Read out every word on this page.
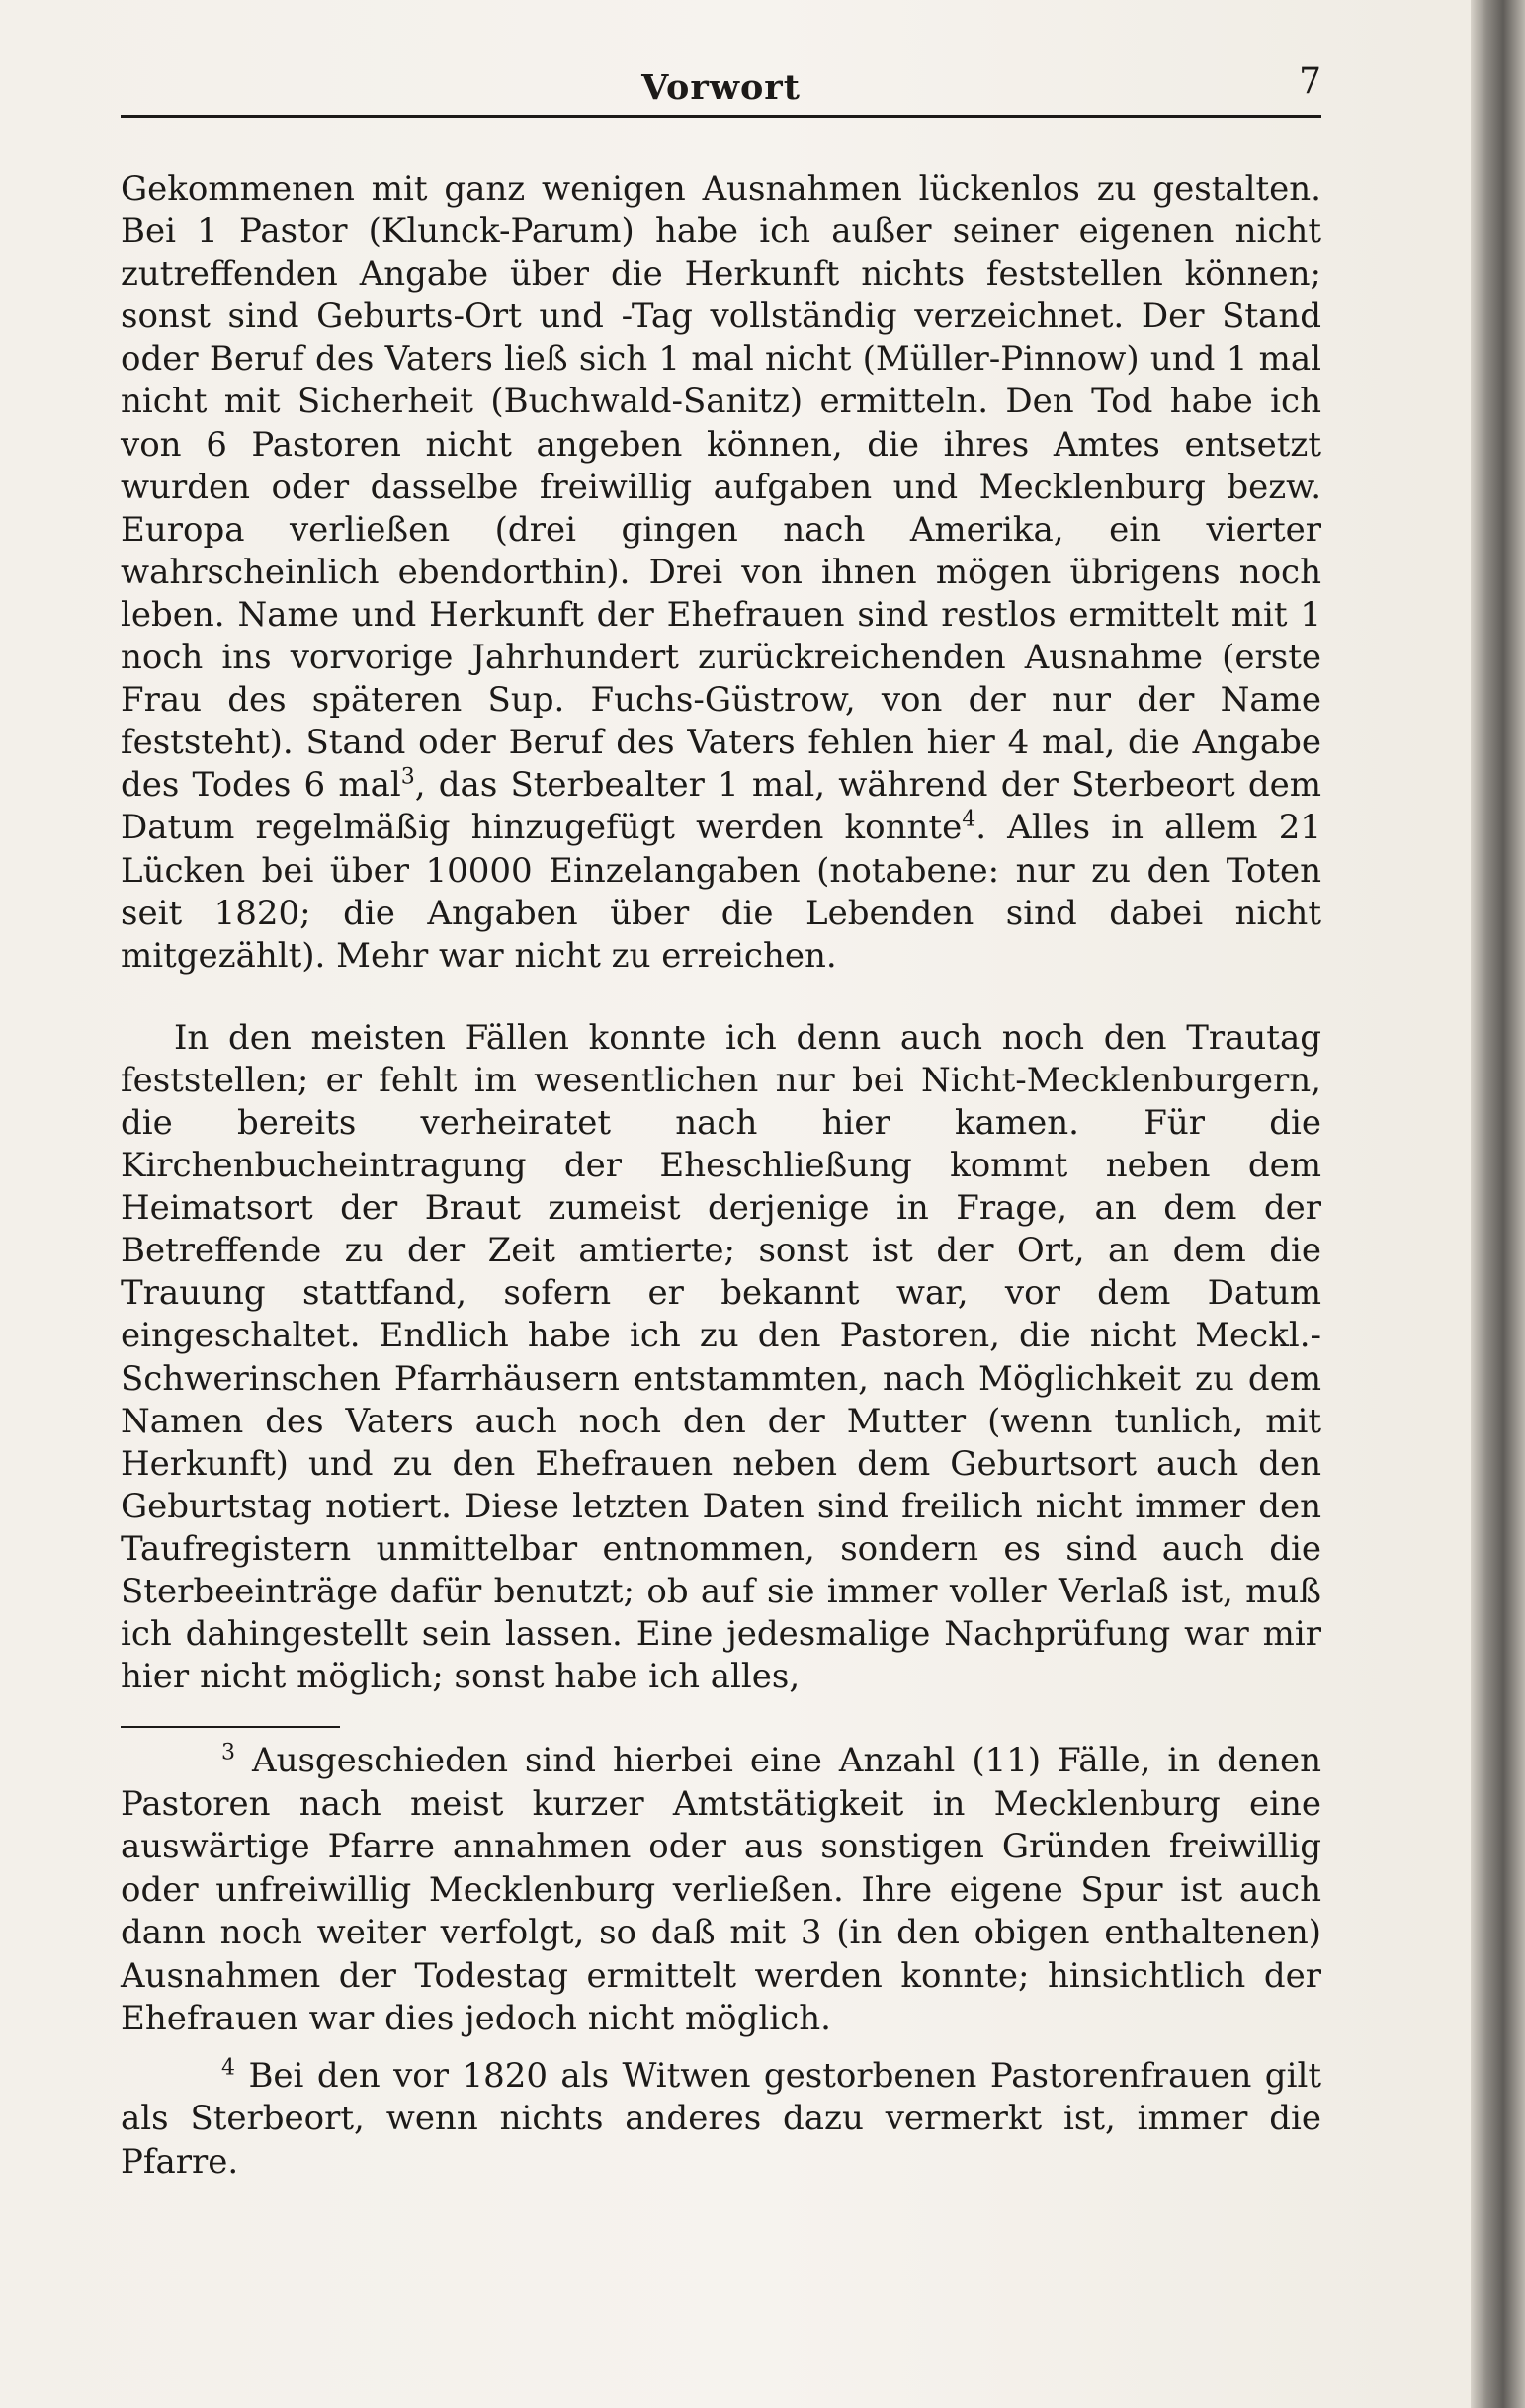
Vorwort	7

Gekommenen mit ganz wenigen Ausnahmen lückenlos zu gestalten. Bei 1 Pastor (Klunck-Parum) habe ich außer seiner eigenen nicht zutreffenden Angabe über die Herkunft nichts feststellen können; sonst sind Geburts-Ort und -Tag vollständig verzeichnet. Der Stand oder Beruf des Vaters ließ sich 1 mal nicht (Müller-Pinnow) und 1 mal nicht mit Sicherheit (Buchwald-Sanitz) ermitteln. Den Tod habe ich von 6 Pastoren nicht angeben können, die ihres Amtes entsetzt wurden oder dasselbe freiwillig aufgaben und Mecklenburg bezw. Europa verließen (drei gingen nach Amerika, ein vierter wahrscheinlich ebendorthin). Drei von ihnen mögen übrigens noch leben. Name und Herkunft der Ehefrauen sind restlos ermittelt mit 1 noch ins vorvorige Jahrhundert zurückreichenden Ausnahme (erste Frau des späteren Sup. Fuchs-Güstrow, von der nur der Name feststeht). Stand oder Beruf des Vaters fehlen hier 4 mal, die Angabe des Todes 6 mal$^3$, das Sterbealter 1 mal, während der Sterbeort dem Datum regelmäßig hinzugefügt werden konnte$^4$. Alles in allem 21 Lücken bei über 10000 Einzelangaben (notabene: nur zu den Toten seit 1820; die Angaben über die Lebenden sind dabei nicht mitgezählt). Mehr war nicht zu erreichen.

In den meisten Fällen konnte ich denn auch noch den Trautag feststellen; er fehlt im wesentlichen nur bei Nicht-Mecklenburgern, die bereits verheiratet nach hier kamen. Für die Kirchenbucheintragung der Eheschließung kommt neben dem Heimatsort der Braut zumeist derjenige in Frage, an dem der Betreffende zu der Zeit amtierte; sonst ist der Ort, an dem die Trauung stattfand, sofern er bekannt war, vor dem Datum eingeschaltet. Endlich habe ich zu den Pastoren, die nicht Meckl.-Schwerinschen Pfarrhäusern entstammten, nach Möglichkeit zu dem Namen des Vaters auch noch den der Mutter (wenn tunlich, mit Herkunft) und zu den Ehefrauen neben dem Geburtsort auch den Geburtstag notiert. Diese letzten Daten sind freilich nicht immer den Taufregistern unmittelbar entnommen, sondern es sind auch die Sterbeeinträge dafür benutzt; ob auf sie immer voller Verlaß ist, muß ich dahingestellt sein lassen. Eine jedesmalige Nachprüfung war mir hier nicht möglich; sonst habe ich alles,

$^3$ Ausgeschieden sind hierbei eine Anzahl (11) Fälle, in denen Pastoren nach meist kurzer Amtstätigkeit in Mecklenburg eine auswärtige Pfarre annahmen oder aus sonstigen Gründen freiwillig oder unfreiwillig Mecklenburg verließen. Ihre eigene Spur ist auch dann noch weiter verfolgt, so daß mit 3 (in den obigen enthaltenen) Ausnahmen der Todestag ermittelt werden konnte; hinsichtlich der Ehefrauen war dies jedoch nicht möglich.

$^4$ Bei den vor 1820 als Witwen gestorbenen Pastorenfrauen gilt als Sterbeort, wenn nichts anderes dazu vermerkt ist, immer die Pfarre.
